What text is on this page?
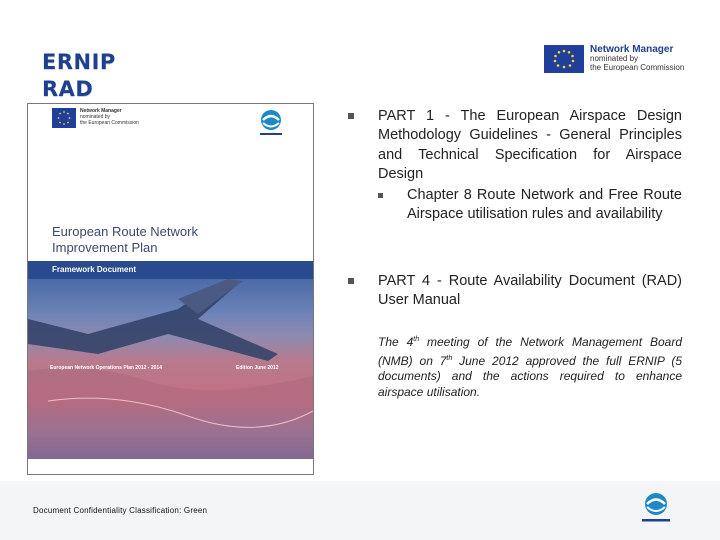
ERNIP
RAD
Network Manager
nominated by
the European Commission
Network Manager
nominated by
the European Commission
European Route Network
Improvement Plan
Framework Document
European Network Operations Plan 2012 - 2014	Edition June 2012
PART 1 - The European Airspace Design Methodology Guidelines - General Principles and Technical Specification for Airspace Design
Chapter 8 Route Network and Free Route Airspace utilisation rules and availability
PART 4 - Route Availability Document (RAD) User Manual
The 4th meeting of the Network Management Board (NMB) on 7th June 2012 approved the full ERNIP (5 documents) and the actions required to enhance airspace utilisation.
Document Confidentiality Classification: Green
